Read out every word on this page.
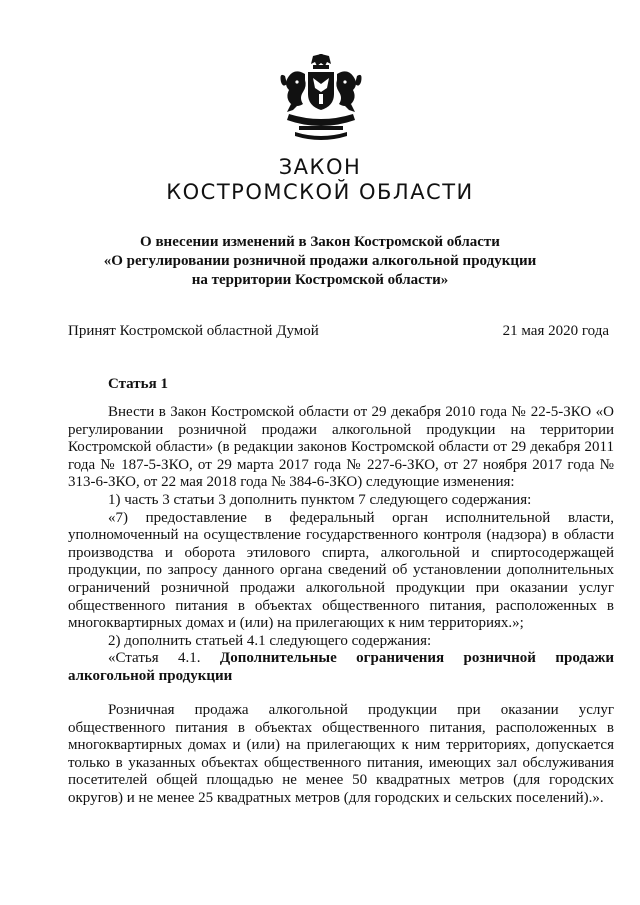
ЗАКОН
КОСТРОМСКОЙ ОБЛАСТИ
О внесении изменений в Закон Костромской области
«О регулировании розничной продажи алкогольной продукции
на территории Костромской области»
Принят Костромской областной Думой	21 мая 2020 года
Статья 1

Внести в Закон Костромской области от 29 декабря 2010 года № 22-5-ЗКО «О регулировании розничной продажи алкогольной продукции на территории Костромской области» (в редакции законов Костромской области от 29 декабря 2011 года № 187-5-ЗКО, от 29 марта 2017 года № 227-6-ЗКО, от 27 ноября 2017 года № 313-6-ЗКО, от 22 мая 2018 года № 384-6-ЗКО) следующие изменения:

1) часть 3 статьи 3 дополнить пунктом 7 следующего содержания:

«7) предоставление в федеральный орган исполнительной власти, уполномоченный на осуществление государственного контроля (надзора) в области производства и оборота этилового спирта, алкогольной и спиртосодержащей продукции, по запросу данного органа сведений об установлении дополнительных ограничений розничной продажи алкогольной продукции при оказании услуг общественного питания в объектах общественного питания, расположенных в многоквартирных домах и (или) на прилегающих к ним территориях.»;

2) дополнить статьей 4.1 следующего содержания:

«Статья 4.1. Дополнительные ограничения розничной продажи алкогольной продукции

Розничная продажа алкогольной продукции при оказании услуг общественного питания в объектах общественного питания, расположенных в многоквартирных домах и (или) на прилегающих к ним территориях, допускается только в указанных объектах общественного питания, имеющих зал обслуживания посетителей общей площадью не менее 50 квадратных метров (для городских округов) и не менее 25 квадратных метров (для городских и сельских поселений).».
